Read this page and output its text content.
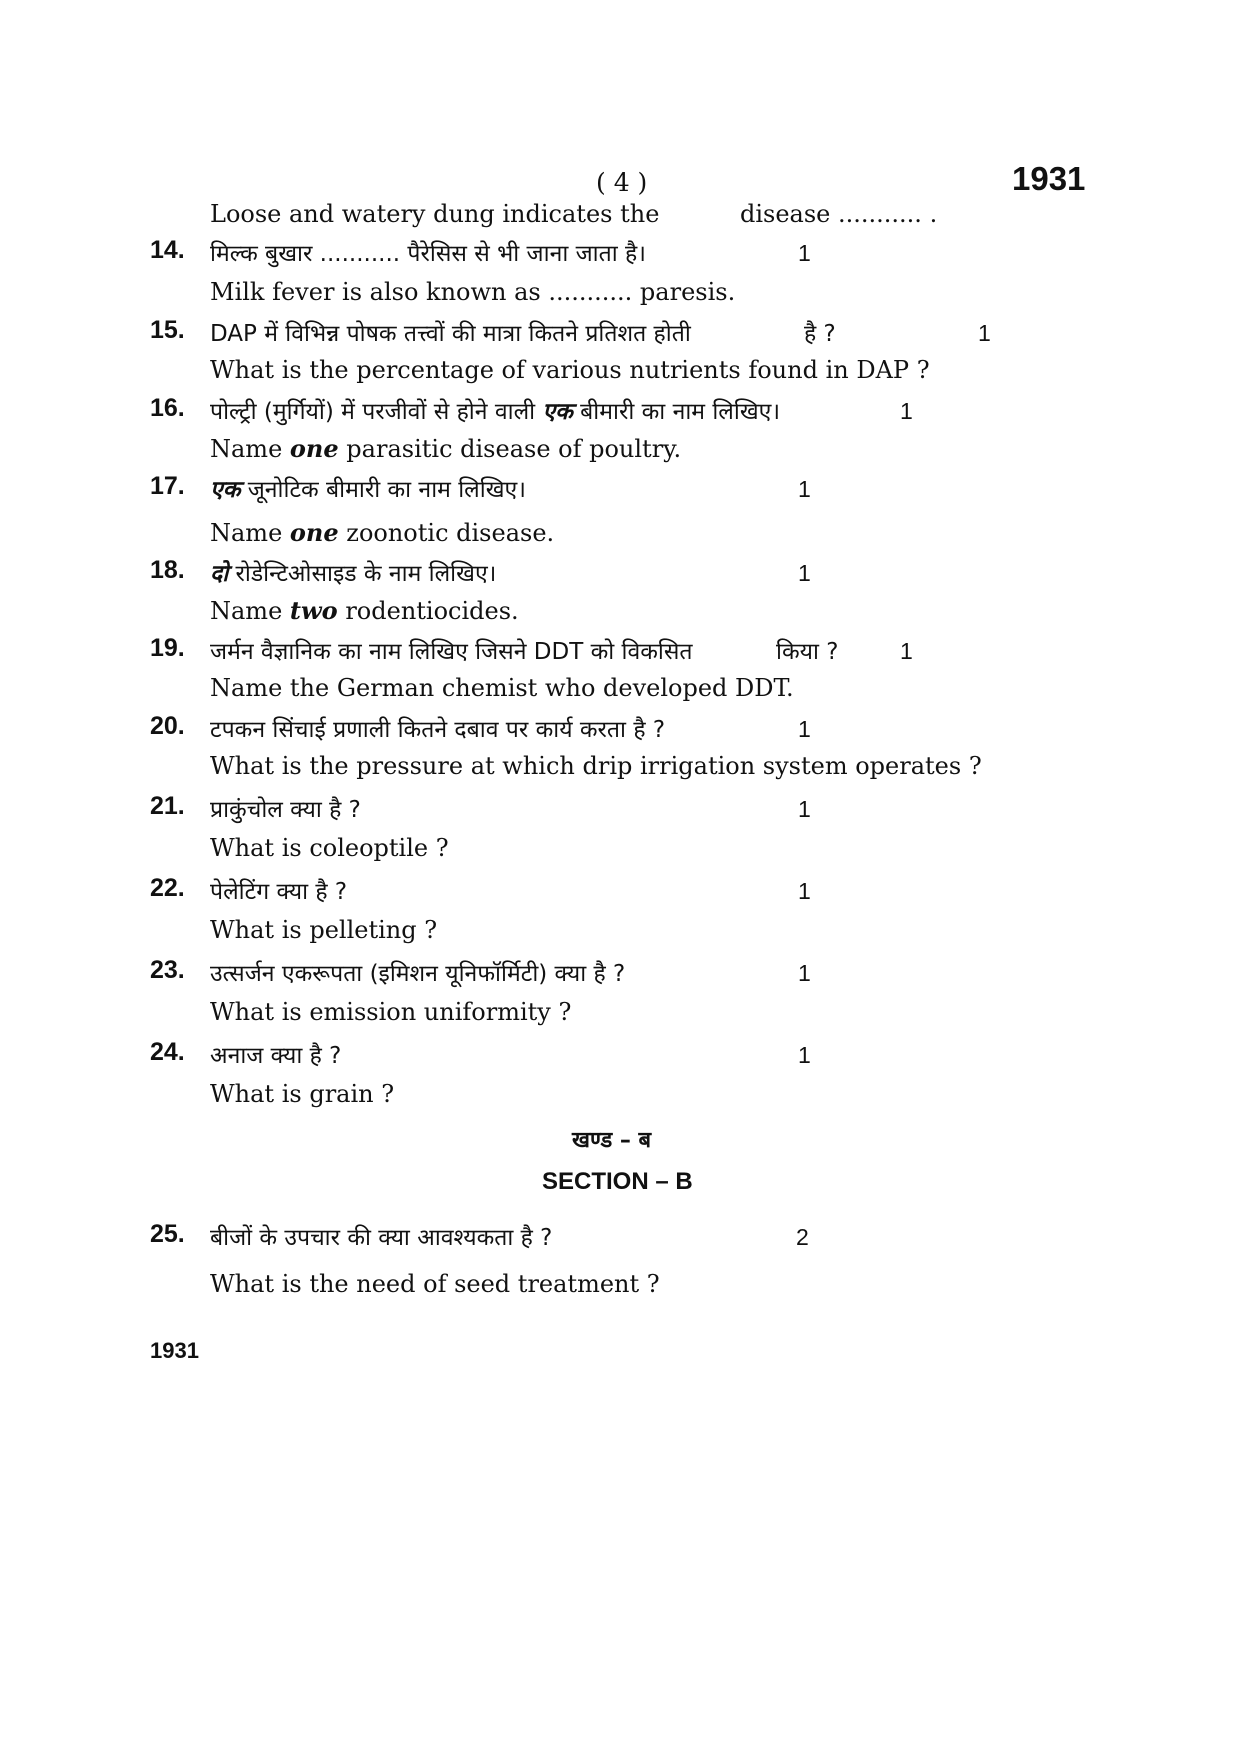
( 4 )	1931
Loose and watery dung indicates the	disease ........... .
14. मिल्क बुखार ........... पैरेसिस से भी जाना जाता है।	1
Milk fever is also known as ........... paresis.
15. DAP में विभिन्न पोषक तत्त्वों की मात्रा कितने प्रतिशत होती	है ?	1
What is the percentage of various nutrients found in DAP ?
16. पोल्ट्री (मुर्गियों) में परजीवों से होने वाली एक बीमारी का नाम लिखिए।	1
Name one parasitic disease of poultry.
17. एक जूनोटिक बीमारी का नाम लिखिए।	1
Name one zoonotic disease.
18. दो रोडेन्टिओसाइड के नाम लिखिए।	1
Name two rodentiocides.
19. जर्मन वैज्ञानिक का नाम लिखिए जिसने DDT को विकसित	किया ?	1
Name the German chemist who developed DDT.
20. टपकन सिंचाई प्रणाली कितने दबाव पर कार्य करता है ?	1
What is the pressure at which drip irrigation system operates ?
21. प्राकुंचोल क्या है ?	1
What is coleoptile ?
22. पेलेटिंग क्या है ?	1
What is pelleting ?
23. उत्सर्जन एकरूपता (इमिशन यूनिफॉर्मिटी) क्या है ?	1
What is emission uniformity ?
24. अनाज क्या है ?	1
What is grain ?
खण्ड – ब
SECTION – B
25. बीजों के उपचार की क्या आवश्यकता है ?	2
What is the need of seed treatment ?
1931
